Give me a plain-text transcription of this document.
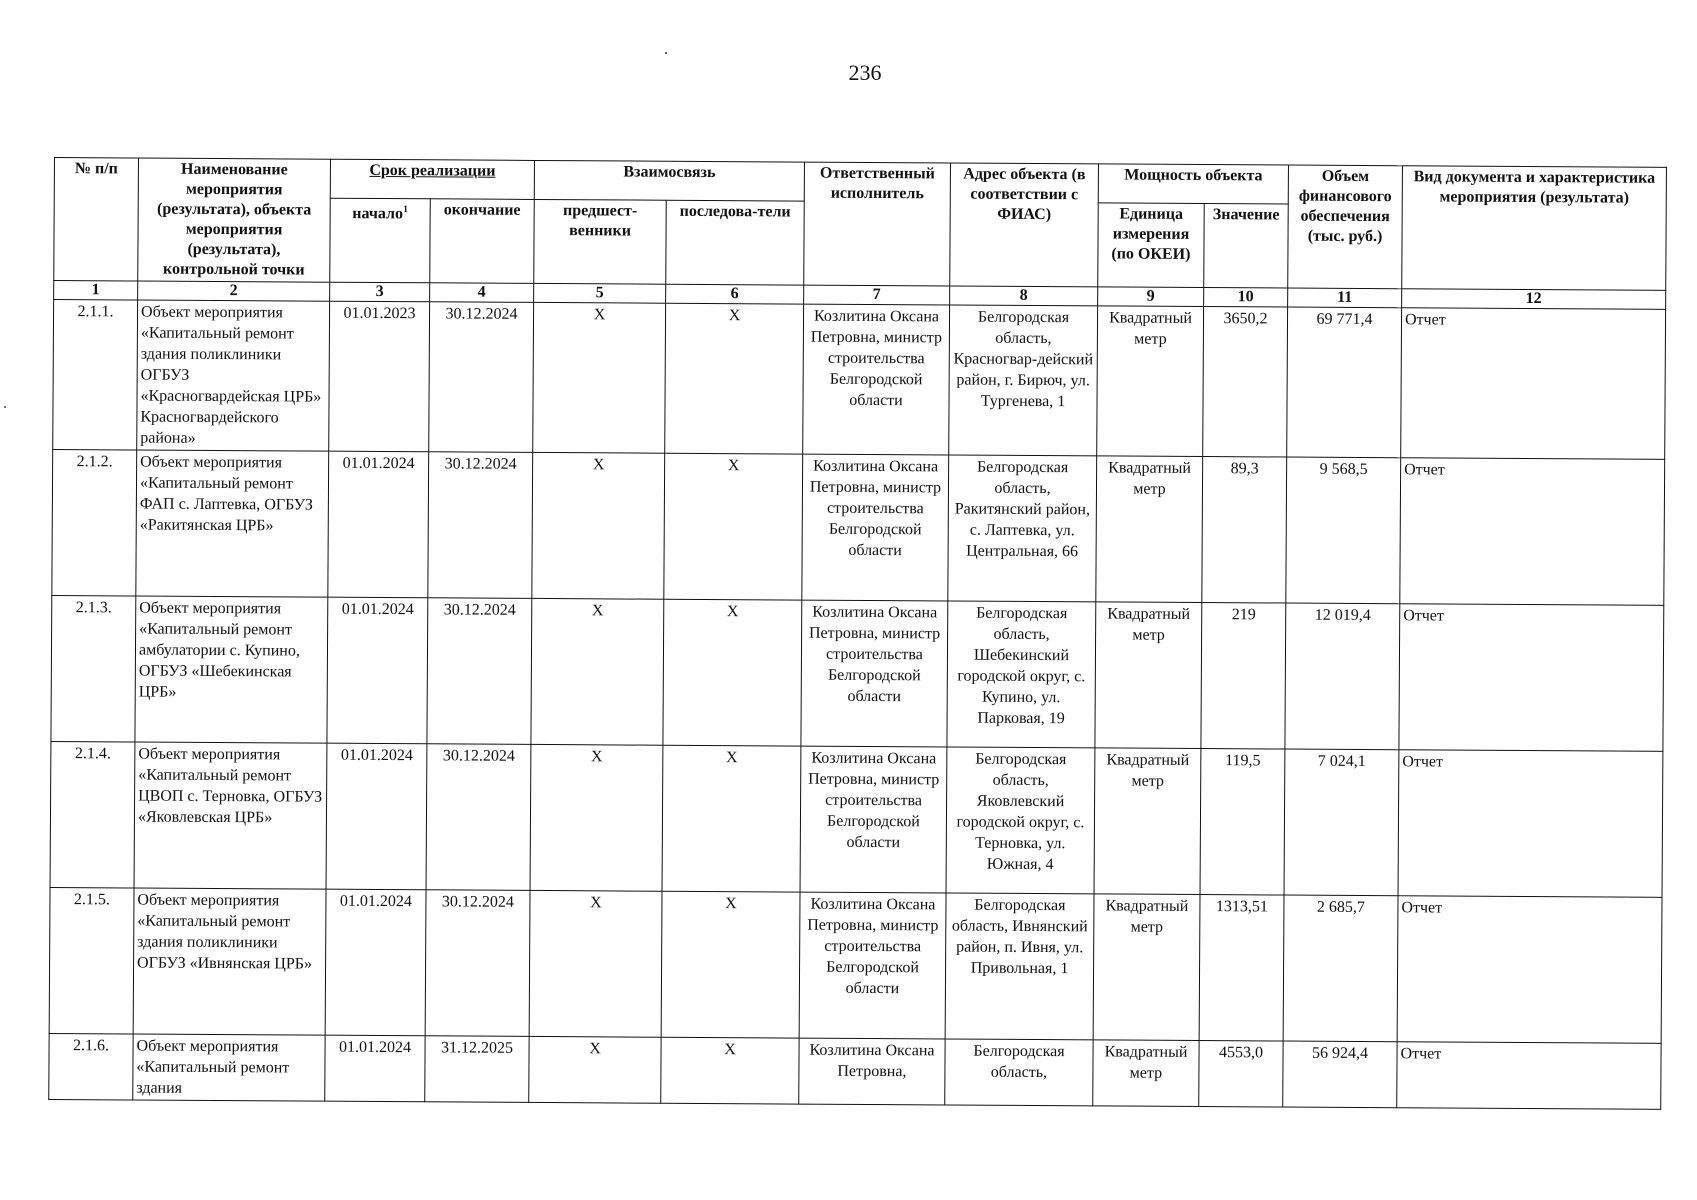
236
№ п/п	Наименование мероприятия (результата), объекта мероприятия (результата), контрольной точки	Срок реализации		Взаимосвязь		Ответственный исполнитель	Адрес объекта (в соответствии с ФИАС)	Мощность объекта		Объем финансового обеспечения (тыс. руб.)	Вид документа и характеристика мероприятия (результата)
		начало$^1$	окончание	предшест-венники	последова-тели			Единица измерения (по ОКЕИ)	Значение		
1	2	3	4	5	6	7	8	9	10	11	12
2.1.1.	Объект мероприятия «Капитальный ремонт здания поликлиники ОГБУЗ «Красногвардейская ЦРБ» Красногвардейского района»	01.01.2023	30.12.2024	X	X	Козлитина Оксана Петровна, министр строительства Белгородской области	Белгородская область, Красногвар-дейский район, г. Бирюч, ул. Тургенева, 1	Квадратный метр	3650,2	69 771,4	Отчет
2.1.2.	Объект мероприятия «Капитальный ремонт ФАП с. Лаптевка, ОГБУЗ «Ракитянская ЦРБ»	01.01.2024	30.12.2024	X	X	Козлитина Оксана Петровна, министр строительства Белгородской области	Белгородская область, Ракитянский район, с. Лаптевка, ул. Центральная, 66	Квадратный метр	89,3	9 568,5	Отчет
2.1.3.	Объект мероприятия «Капитальный ремонт амбулатории с. Купино, ОГБУЗ «Шебекинская ЦРБ»	01.01.2024	30.12.2024	X	X	Козлитина Оксана Петровна, министр строительства Белгородской области	Белгородская область, Шебекинский городской округ, с. Купино, ул. Парковая, 19	Квадратный метр	219	12 019,4	Отчет
2.1.4.	Объект мероприятия «Капитальный ремонт ЦВОП с. Терновка, ОГБУЗ «Яковлевская ЦРБ»	01.01.2024	30.12.2024	X	X	Козлитина Оксана Петровна, министр строительства Белгородской области	Белгородская область, Яковлевский городской округ, с. Терновка, ул. Южная, 4	Квадратный метр	119,5	7 024,1	Отчет
2.1.5.	Объект мероприятия «Капитальный ремонт здания поликлиники ОГБУЗ «Ивнянская ЦРБ»	01.01.2024	30.12.2024	X	X	Козлитина Оксана Петровна, министр строительства Белгородской области	Белгородская область, Ивнянский район, п. Ивня, ул. Привольная, 1	Квадратный метр	1313,51	2 685,7	Отчет
2.1.6.	Объект мероприятия «Капитальный ремонт здания	01.01.2024	31.12.2025	X	X	Козлитина Оксана Петровна,	Белгородская область,	Квадратный метр	4553,0	56 924,4	Отчет
